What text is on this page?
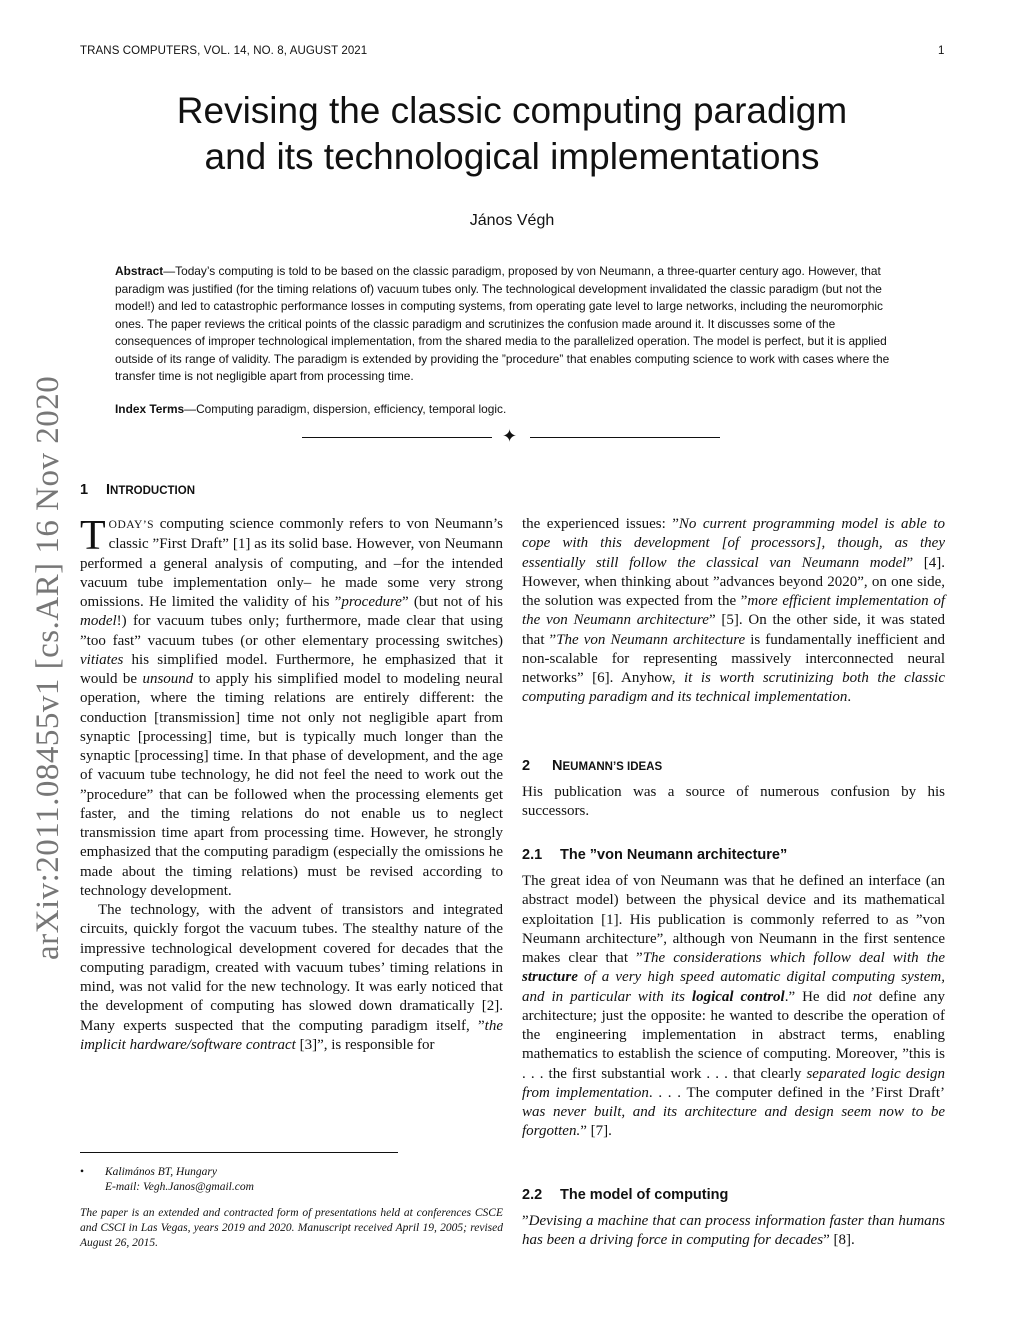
TRANS COMPUTERS, VOL. 14, NO. 8, AUGUST 2021	1
Revising the classic computing paradigm
and its technological implementations
János Végh

Abstract—Today’s computing is told to be based on the classic paradigm, proposed by von Neumann, a three-quarter century ago. However, that paradigm was justified (for the timing relations of) vacuum tubes only. The technological development invalidated the classic paradigm (but not the model!) and led to catastrophic performance losses in computing systems, from operating gate level to large networks, including the neuromorphic ones. The paper reviews the critical points of the classic paradigm and scrutinizes the confusion made around it. It discusses some of the consequences of improper technological implementation, from the shared media to the parallelized operation. The model is perfect, but it is applied outside of its range of validity. The paradigm is extended by providing the ”procedure” that enables computing science to work with cases where the transfer time is not negligible apart from processing time.

Index Terms—Computing paradigm, dispersion, efficiency, temporal logic.

✦
arXiv:2011.08455v1 [cs.AR] 16 Nov 2020 1 INTRODUCTION

TODAY’S computing science commonly refers to von Neumann’s classic ”First Draft” [1] as its solid base. However, von Neumann performed a general analysis of computing, and –for the intended vacuum tube implementation only– he made some very strong omissions. He limited the validity of his ”procedure” (but not of his model!) for vacuum tubes only; furthermore, made clear that using ”too fast” vacuum tubes (or other elementary processing switches) vitiates his simplified model. Furthermore, he emphasized that it would be unsound to apply his simplified model to modeling neural operation, where the timing relations are entirely different: the conduction [transmission] time not only not negligible apart from synaptic [processing] time, but is typically much longer than the synaptic [processing] time. In that phase of development, and the age of vacuum tube technology, he did not feel the need to work out the ”procedure” that can be followed when the processing elements get faster, and the timing relations do not enable us to neglect transmission time apart from processing time. However, he strongly emphasized that the computing paradigm (especially the omissions he made about the timing relations) must be revised according to technology development.

The technology, with the advent of transistors and integrated circuits, quickly forgot the vacuum tubes. The stealthy nature of the impressive technological development covered for decades that the computing paradigm, created with vacuum tubes’ timing relations in mind, was not valid for the new technology. It was early noticed that the development of computing has slowed down dramatically [2]. Many experts suspected that the computing paradigm itself, ”the implicit hardware/software contract [3]”, is responsible for

•	Kalimános BT, Hungary
E-mail: Vegh.Janos@gmail.com
The paper is an extended and contracted form of presentations held at conferences CSCE and CSCI in Las Vegas, years 2019 and 2020. Manuscript received April 19, 2005; revised August 26, 2015.

the experienced issues: ”No current programming model is able to cope with this development [of processors], though, as they essentially still follow the classical van Neumann model” [4]. However, when thinking about ”advances beyond 2020”, on one side, the solution was expected from the ”more efficient implementation of the von Neumann architecture” [5]. On the other side, it was stated that ”The von Neumann architecture is fundamentally inefficient and non-scalable for representing massively interconnected neural networks” [6]. Anyhow, it is worth scrutinizing both the classic computing paradigm and its technical implementation.

2 NEUMANN’S IDEAS

His publication was a source of numerous confusion by his successors.

2.1 The ”von Neumann architecture”

The great idea of von Neumann was that he defined an interface (an abstract model) between the physical device and its mathematical exploitation [1]. His publication is commonly referred to as ”von Neumann architecture”, although von Neumann in the first sentence makes clear that ”The considerations which follow deal with the structure of a very high speed automatic digital computing system, and in particular with its logical control.” He did not define any architecture; just the opposite: he wanted to describe the operation of the engineering implementation in abstract terms, enabling mathematics to establish the science of computing. Moreover, ”this is . . . the first substantial work . . . that clearly separated logic design from implementation. . . . The computer defined in the ’First Draft’ was never built, and its architecture and design seem now to be forgotten.” [7].

2.2 The model of computing

”Devising a machine that can process information faster than humans has been a driving force in computing for decades” [8].
